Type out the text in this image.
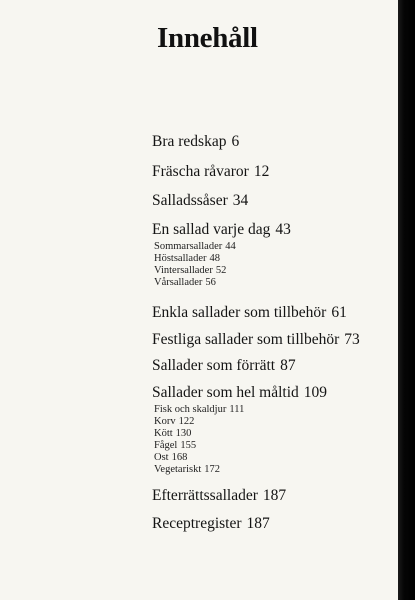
Innehåll
Bra redskap 6
Fräscha råvaror 12
Salladssåser 34
En sallad varje dag 43
Sommarsallader 44
Höstsallader 48
Vintersallader 52
Vårsallader 56
Enkla sallader som tillbehör 61
Festliga sallader som tillbehör 73
Sallader som förrätt 87
Sallader som hel måltid 109
Fisk och skaldjur 111
Korv 122
Kött 130
Fågel 155
Ost 168
Vegetariskt 172
Efterrättssallader 187
Receptregister 187
